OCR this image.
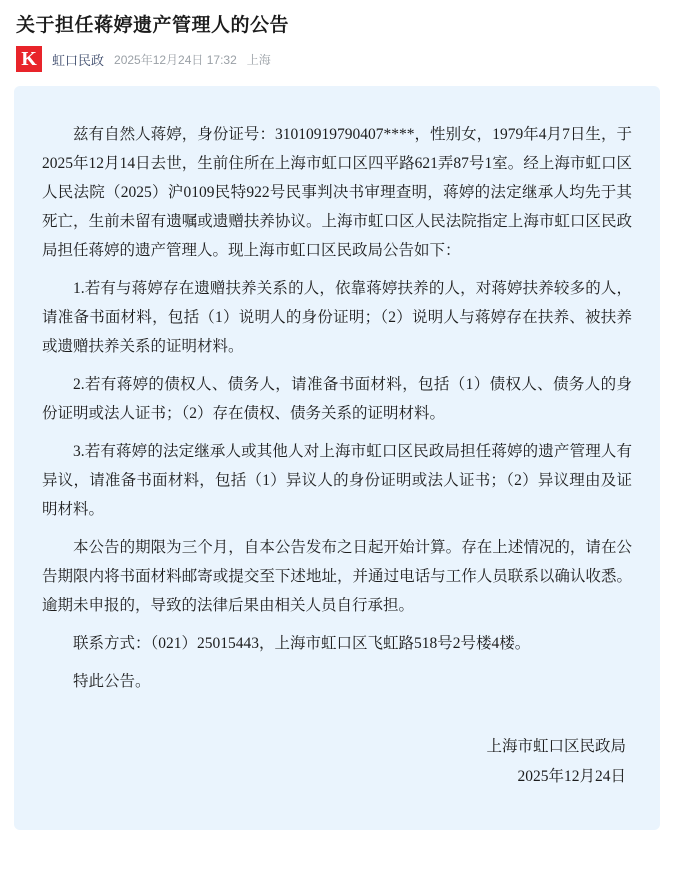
关于担任蒋婷遗产管理人的公告
K	虹口民政 2025年12月24日 17:32 上海

兹有自然人蒋婷，身份证号：31010919790407****，性别女，1979年4月7日生，于2025年12月14日去世，生前住所在上海市虹口区四平路621弄87号1室。经上海市虹口区人民法院（2025）沪0109民特922号民事判决书审理查明，蒋婷的法定继承人均先于其死亡，生前未留有遗嘱或遗赠扶养协议。上海市虹口区人民法院指定上海市虹口区民政局担任蒋婷的遗产管理人。现上海市虹口区民政局公告如下：

1.若有与蒋婷存在遗赠扶养关系的人，依靠蒋婷扶养的人，对蒋婷扶养较多的人，请准备书面材料，包括（1）说明人的身份证明；（2）说明人与蒋婷存在扶养、被扶养或遗赠扶养关系的证明材料。

2.若有蒋婷的债权人、债务人，请准备书面材料，包括（1）债权人、债务人的身份证明或法人证书；（2）存在债权、债务关系的证明材料。

3.若有蒋婷的法定继承人或其他人对上海市虹口区民政局担任蒋婷的遗产管理人有异议，请准备书面材料，包括（1）异议人的身份证明或法人证书；（2）异议理由及证明材料。

本公告的期限为三个月，自本公告发布之日起开始计算。存在上述情况的，请在公告期限内将书面材料邮寄或提交至下述地址，并通过电话与工作人员联系以确认收悉。逾期未申报的，导致的法律后果由相关人员自行承担。

联系方式：（021）25015443，上海市虹口区飞虹路518号2号楼4楼。

特此公告。

上海市虹口区民政局
2025年12月24日
